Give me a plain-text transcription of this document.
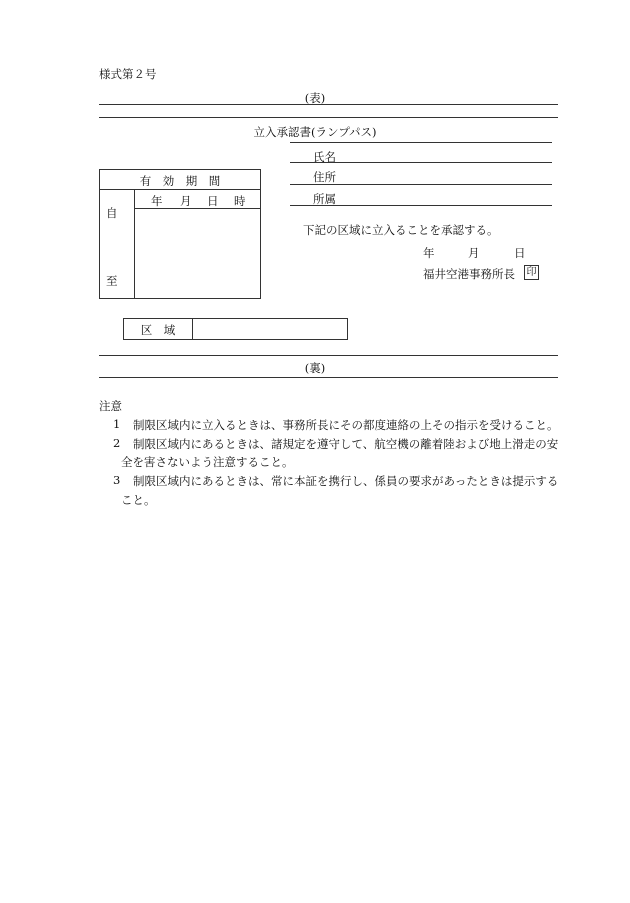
様式第２号
(表)
立入承認書(ランプパス)
氏名
住所
所属
有　効　期　間
自
至
年 月 日 時
下記の区域に立入ることを承認する。
年	月	日
福井空港事務所長 印
区　域
(裏)
注意
1 制限区域内に立入るときは、事務所長にその都度連絡の上その指示を受けること。
2 制限区域内にあるときは、諸規定を遵守して、航空機の離着陸および地上滑走の安
全を害さないよう注意すること。
3 制限区域内にあるときは、常に本証を携行し、係員の要求があったときは提示する
こと。
